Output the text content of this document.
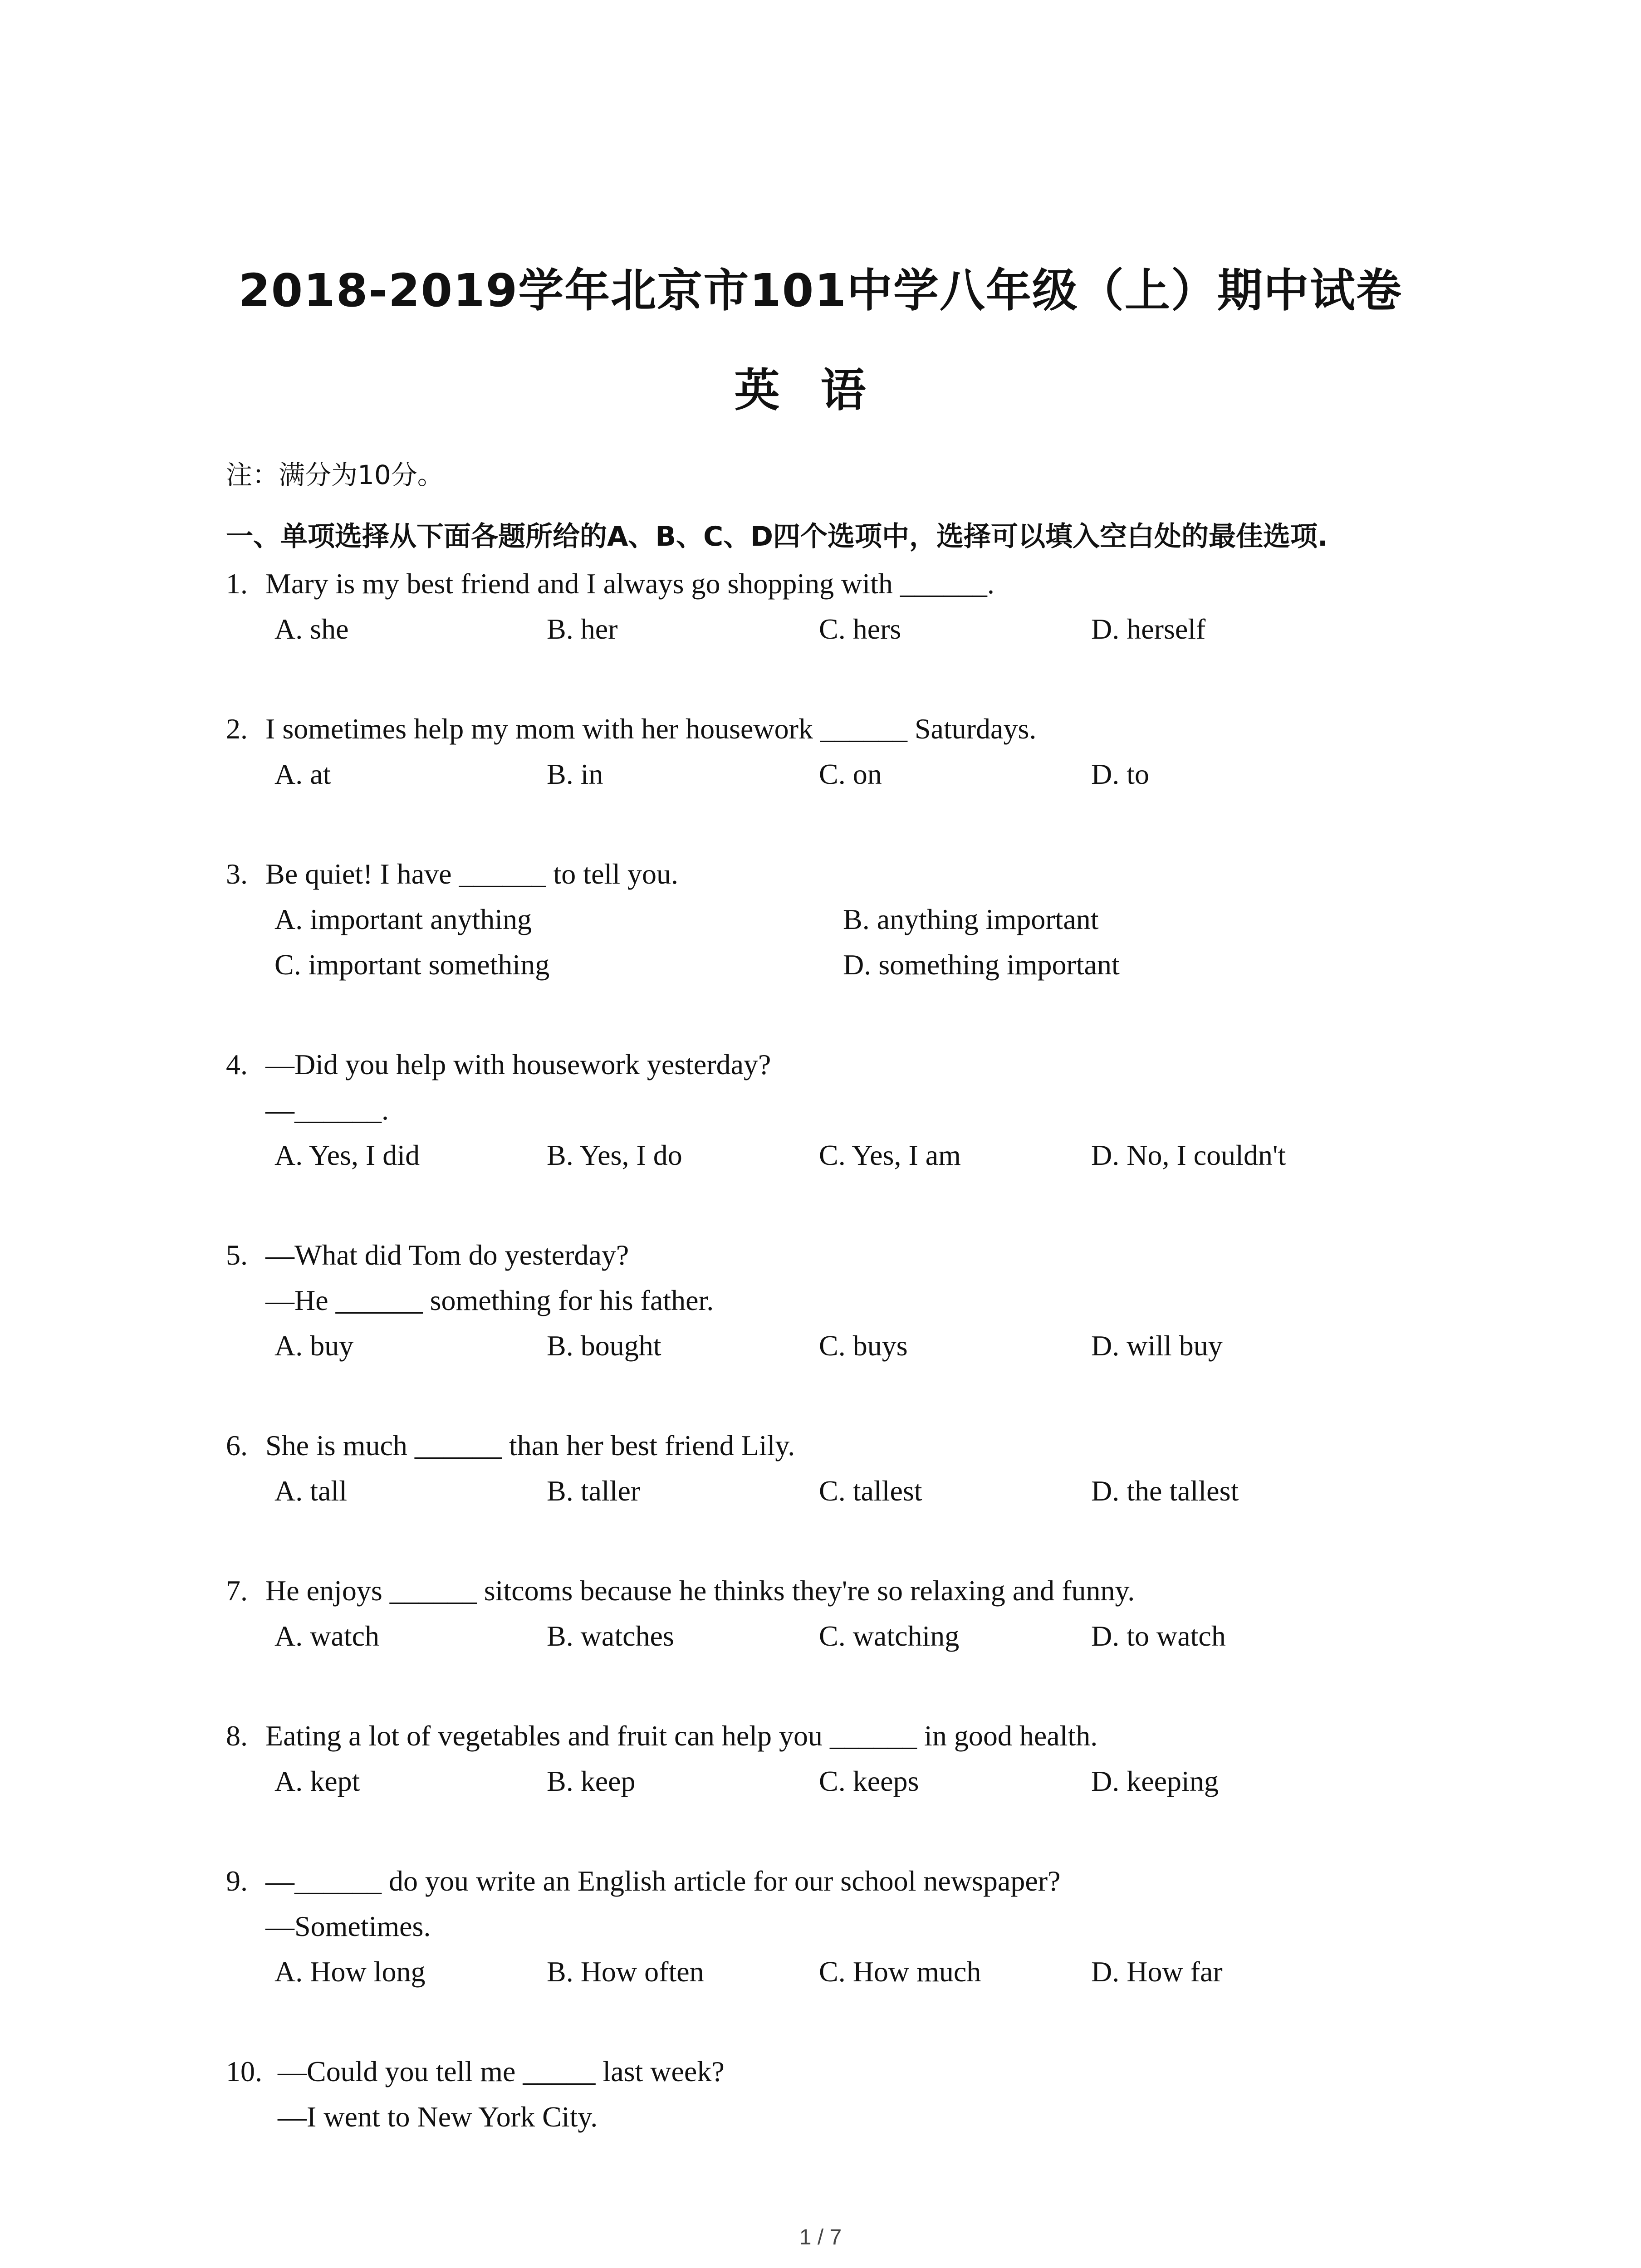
2018-2019学年北京市101中学八年级（上）期中试卷
英语
注：满分为10分。
一、单项选择从下面各题所给的A、B、C、D四个选项中，选择可以填入空白处的最佳选项.
1. Mary is my best friend and I always go shopping with ______.
A. she	B. her	C. hers	D. herself
2. I sometimes help my mom with her housework ______ Saturdays.
A. at	B. in	C. on	D. to
3. Be quiet! I have ______ to tell you.
A. important anything	B. anything important
C. important something	D. something important
4. —Did you help with housework yesterday?
—______.
A. Yes, I did	B. Yes, I do	C. Yes, I am	D. No, I couldn't
5. —What did Tom do yesterday?
—He ______ something for his father.
A. buy	B. bought	C. buys	D. will buy
6. She is much ______ than her best friend Lily.
A. tall	B. taller	C. tallest	D. the tallest
7. He enjoys ______ sitcoms because he thinks they're so relaxing and funny.
A. watch	B. watches	C. watching	D. to watch
8. Eating a lot of vegetables and fruit can help you ______ in good health.
A. kept	B. keep	C. keeps	D. keeping
9. —______ do you write an English article for our school newspaper?
—Sometimes.
A. How long	B. How often	C. How much	D. How far
10. —Could you tell me _____ last week?
—I went to New York City.
1 / 7
